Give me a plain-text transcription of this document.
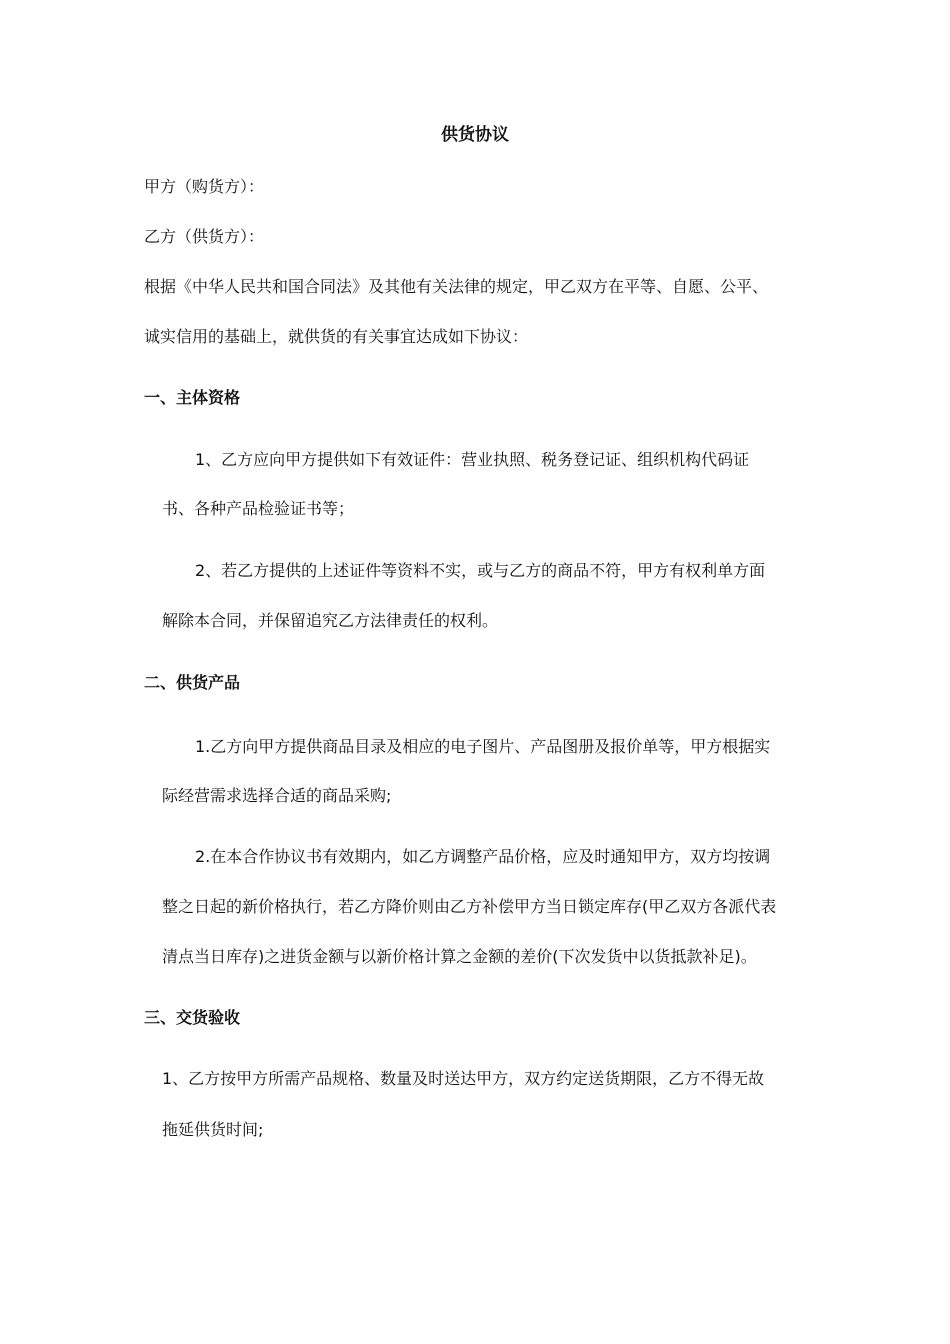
供货协议
甲方（购货方）：
乙方（供货方）：
根据《中华人民共和国合同法》及其他有关法律的规定，甲乙双方在平等、自愿、公平、
诚实信用的基础上，就供货的有关事宜达成如下协议：
一、主体资格
1、乙方应向甲方提供如下有效证件：营业执照、税务登记证、组织机构代码证
书、各种产品检验证书等；
2、若乙方提供的上述证件等资料不实，或与乙方的商品不符，甲方有权利单方面
解除本合同，并保留追究乙方法律责任的权利。
二、供货产品
1.乙方向甲方提供商品目录及相应的电子图片、产品图册及报价单等，甲方根据实
际经营需求选择合适的商品采购;
2.在本合作协议书有效期内，如乙方调整产品价格，应及时通知甲方，双方均按调
整之日起的新价格执行，若乙方降价则由乙方补偿甲方当日锁定库存(甲乙双方各派代表
清点当日库存)之进货金额与以新价格计算之金额的差价(下次发货中以货抵款补足)。
三、交货验收
1、乙方按甲方所需产品规格、数量及时送达甲方，双方约定送货期限，乙方不得无故
拖延供货时间;
